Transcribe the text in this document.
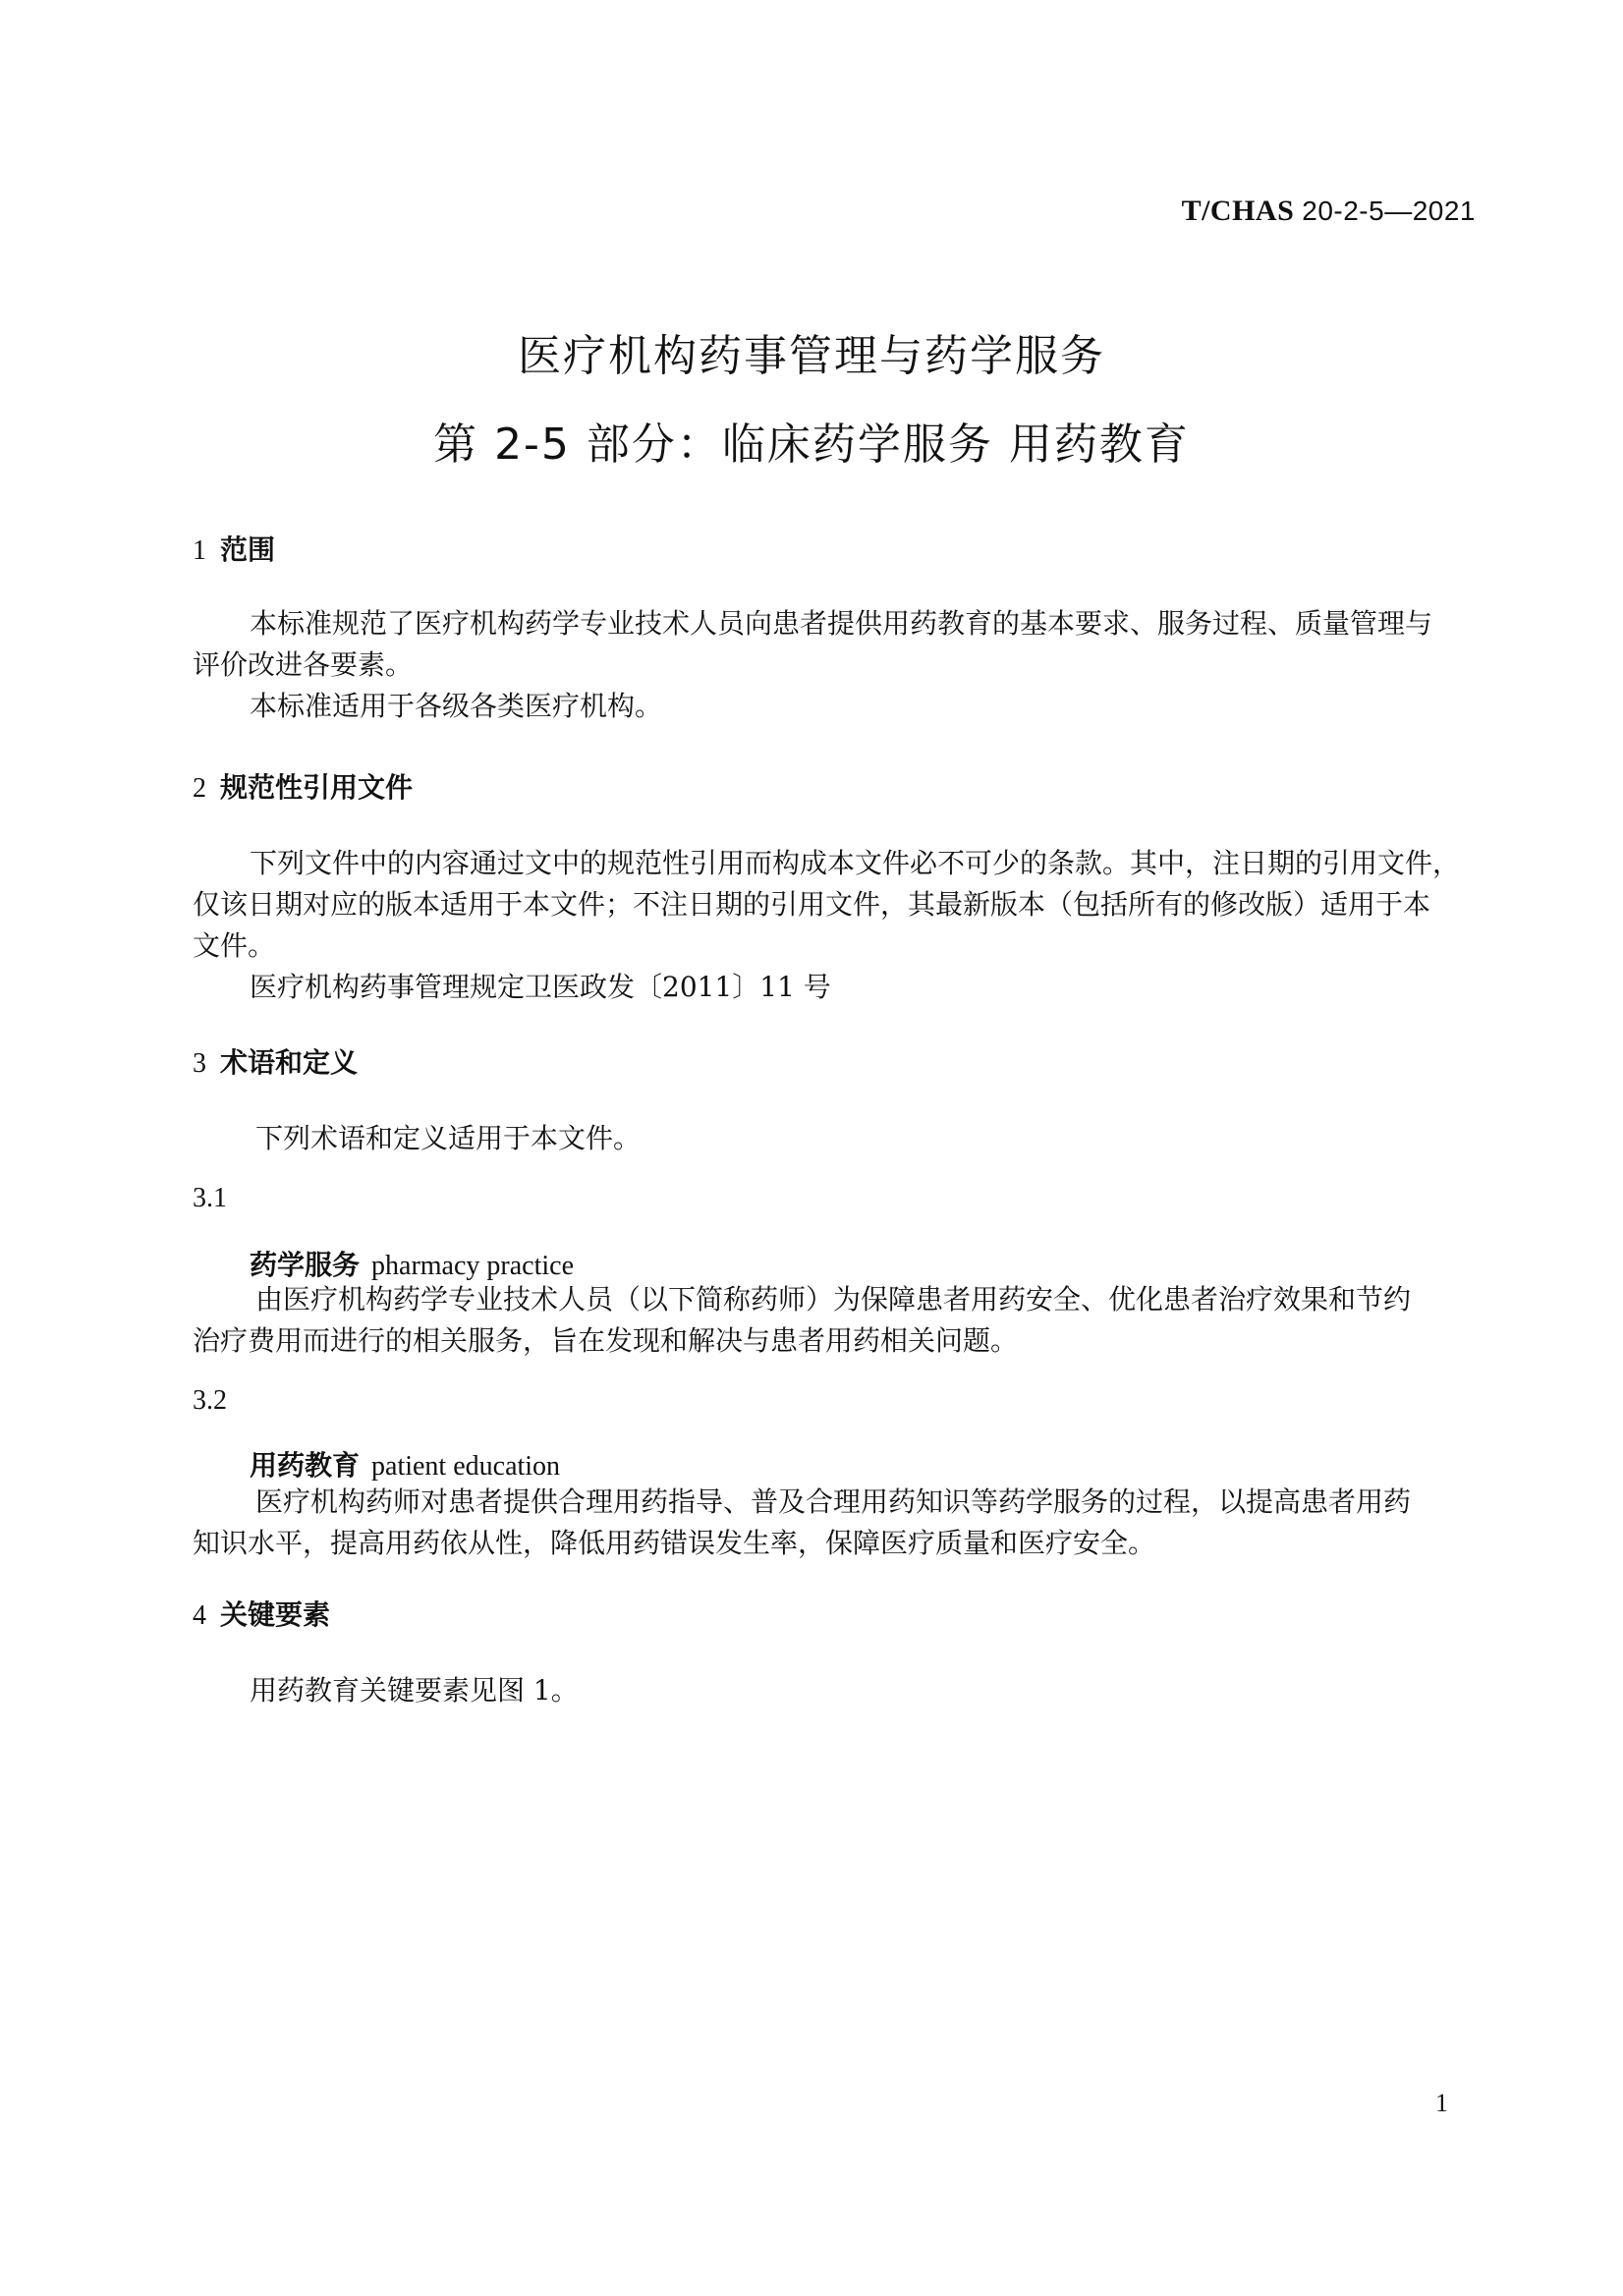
T/CHAS 20-2-5—2021
医疗机构药事管理与药学服务
第 2-5 部分：临床药学服务 用药教育
1 范围
本标准规范了医疗机构药学专业技术人员向患者提供用药教育的基本要求、服务过程、质量管理与
评价改进各要素。
本标准适用于各级各类医疗机构。
2 规范性引用文件
下列文件中的内容通过文中的规范性引用而构成本文件必不可少的条款。其中，注日期的引用文件，
仅该日期对应的版本适用于本文件；不注日期的引用文件，其最新版本（包括所有的修改版）适用于本
文件。
医疗机构药事管理规定卫医政发〔2011〕11 号
3 术语和定义
下列术语和定义适用于本文件。
3.1
药学服务 pharmacy practice
由医疗机构药学专业技术人员（以下简称药师）为保障患者用药安全、优化患者治疗效果和节约
治疗费用而进行的相关服务，旨在发现和解决与患者用药相关问题。
3.2
用药教育 patient education
医疗机构药师对患者提供合理用药指导、普及合理用药知识等药学服务的过程，以提高患者用药
知识水平，提高用药依从性，降低用药错误发生率，保障医疗质量和医疗安全。
4 关键要素
用药教育关键要素见图 1。
1
